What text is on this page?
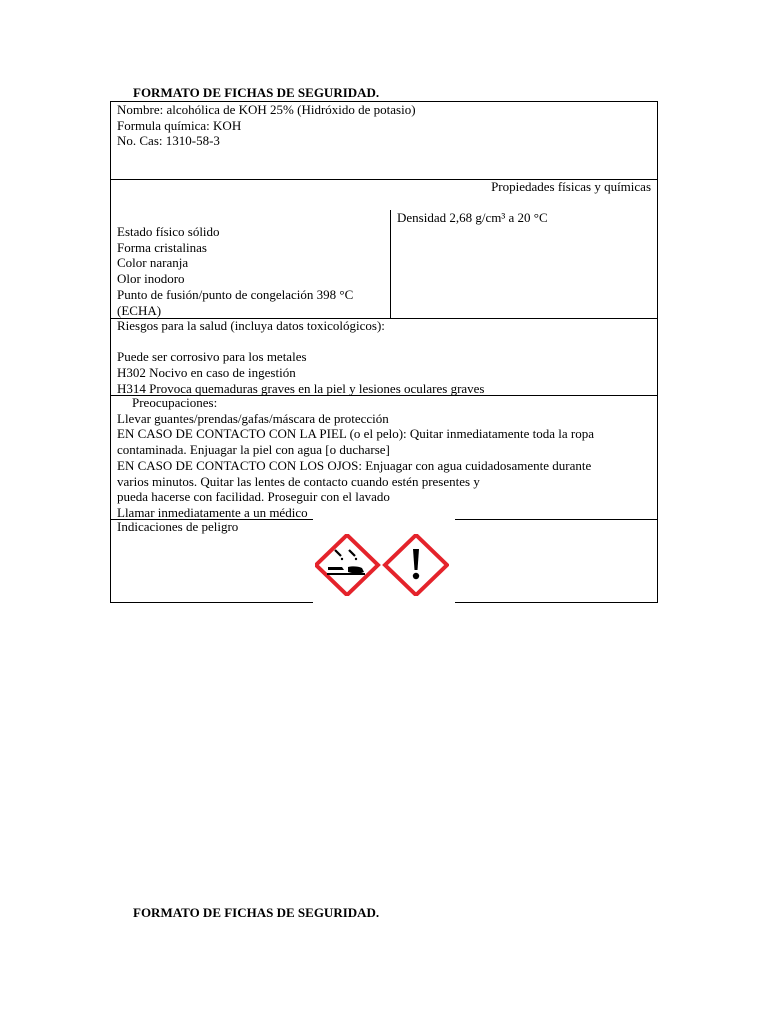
FORMATO DE FICHAS DE SEGURIDAD.
Nombre: alcohólica de KOH 25% (Hidróxido de potasio)
Formula química: KOH
No. Cas: 1310-58-3
Propiedades físicas y químicas
Densidad 2,68 g/cm³ a 20 °C
Estado físico sólido
Forma cristalinas
Color naranja
Olor inodoro
Punto de fusión/punto de congelación 398 °C
(ECHA)
Riesgos para la salud (incluya datos toxicológicos):
Puede ser corrosivo para los metales
H302 Nocivo en caso de ingestión
H314 Provoca quemaduras graves en la piel y lesiones oculares graves
Preocupaciones:
Llevar guantes/prendas/gafas/máscara de protección
EN CASO DE CONTACTO CON LA PIEL (o el pelo): Quitar inmediatamente toda la ropa
contaminada. Enjuagar la piel con agua [o ducharse]
EN CASO DE CONTACTO CON LOS OJOS: Enjuagar con agua cuidadosamente durante
varios minutos. Quitar las lentes de contacto cuando estén presentes y
pueda hacerse con facilidad. Proseguir con el lavado
Llamar inmediatamente a un médico
Indicaciones de peligro
FORMATO DE FICHAS DE SEGURIDAD.
